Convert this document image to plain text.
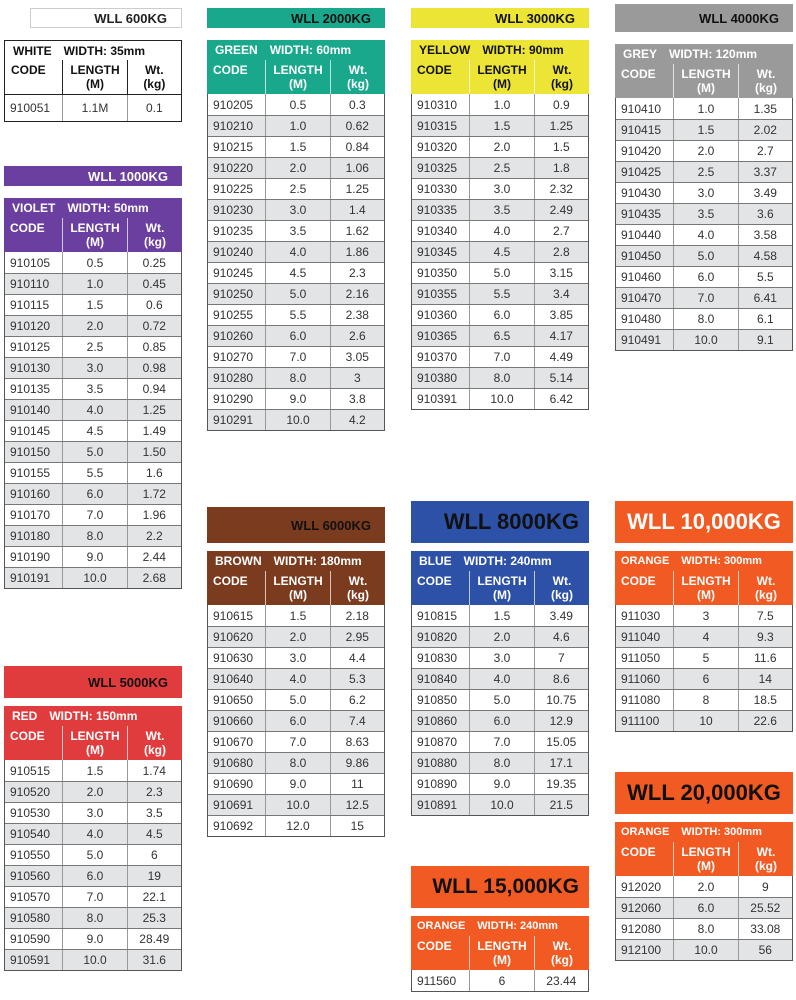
WLL 600KG
WHITE WIDTH: 35mm
CODE	LENGTH
(M)
Wt.
(kg)
910051	1.1M	0.1
WLL 1000KG
VIOLET WIDTH: 50mm
CODE	LENGTH
(M)
Wt.
(kg)
910105	0.5	0.25
910110	1.0	0.45
910115	1.5	0.6
910120	2.0	0.72
910125	2.5	0.85
910130	3.0	0.98
910135	3.5	0.94
910140	4.0	1.25
910145	4.5	1.49
910150	5.0	1.50
910155	5.5	1.6
910160	6.0	1.72
910170	7.0	1.96
910180	8.0	2.2
910190	9.0	2.44
910191	10.0	2.68
WLL 5000KG
RED WIDTH: 150mm
CODE	LENGTH
(M)
Wt.
(kg)
910515	1.5	1.74
910520	2.0	2.3
910530	3.0	3.5
910540	4.0	4.5
910550	5.0	6
910560	6.0	19
910570	7.0	22.1
910580	8.0	25.3
910590	9.0	28.49
910591	10.0	31.6
WLL 2000KG
GREEN WIDTH: 60mm
CODE	LENGTH
(M)
Wt.
(kg)
910205	0.5	0.3
910210	1.0	0.62
910215	1.5	0.84
910220	2.0	1.06
910225	2.5	1.25
910230	3.0	1.4
910235	3.5	1.62
910240	4.0	1.86
910245	4.5	2.3
910250	5.0	2.16
910255	5.5	2.38
910260	6.0	2.6
910270	7.0	3.05
910280	8.0	3
910290	9.0	3.8
910291	10.0	4.2
WLL 6000KG
BROWN WIDTH: 180mm
CODE	LENGTH
(M)
Wt.
(kg)
910615	1.5	2.18
910620	2.0	2.95
910630	3.0	4.4
910640	4.0	5.3
910650	5.0	6.2
910660	6.0	7.4
910670	7.0	8.63
910680	8.0	9.86
910690	9.0	11
910691	10.0	12.5
910692	12.0	15
WLL 3000KG
YELLOW WIDTH: 90mm
CODE	LENGTH
(M)
Wt.
(kg)
910310	1.0	0.9
910315	1.5	1.25
910320	2.0	1.5
910325	2.5	1.8
910330	3.0	2.32
910335	3.5	2.49
910340	4.0	2.7
910345	4.5	2.8
910350	5.0	3.15
910355	5.5	3.4
910360	6.0	3.85
910365	6.5	4.17
910370	7.0	4.49
910380	8.0	5.14
910391	10.0	6.42
WLL 8000KG
BLUE WIDTH: 240mm
CODE	LENGTH
(M)
Wt.
(kg)
910815	1.5	3.49
910820	2.0	4.6
910830	3.0	7
910840	4.0	8.6
910850	5.0	10.75
910860	6.0	12.9
910870	7.0	15.05
910880	8.0	17.1
910890	9.0	19.35
910891	10.0	21.5
WLL 15,000KG
ORANGE WIDTH: 240mm
CODE	LENGTH
(M)
Wt.
(kg)
911560	6	23.44
WLL 4000KG
GREY WIDTH: 120mm
CODE	LENGTH
(M)
Wt.
(kg)
910410	1.0	1.35
910415	1.5	2.02
910420	2.0	2.7
910425	2.5	3.37
910430	3.0	3.49
910435	3.5	3.6
910440	4.0	3.58
910450	5.0	4.58
910460	6.0	5.5
910470	7.0	6.41
910480	8.0	6.1
910491	10.0	9.1
WLL 10,000KG
ORANGE WIDTH: 300mm
CODE	LENGTH
(M)
Wt.
(kg)
911030	3	7.5
911040	4	9.3
911050	5	11.6
911060	6	14
911080	8	18.5
911100	10	22.6
WLL 20,000KG
ORANGE WIDTH: 300mm
CODE	LENGTH
(M)
Wt.
(kg)
912020	2.0	9
912060	6.0	25.52
912080	8.0	33.08
912100	10.0	56
